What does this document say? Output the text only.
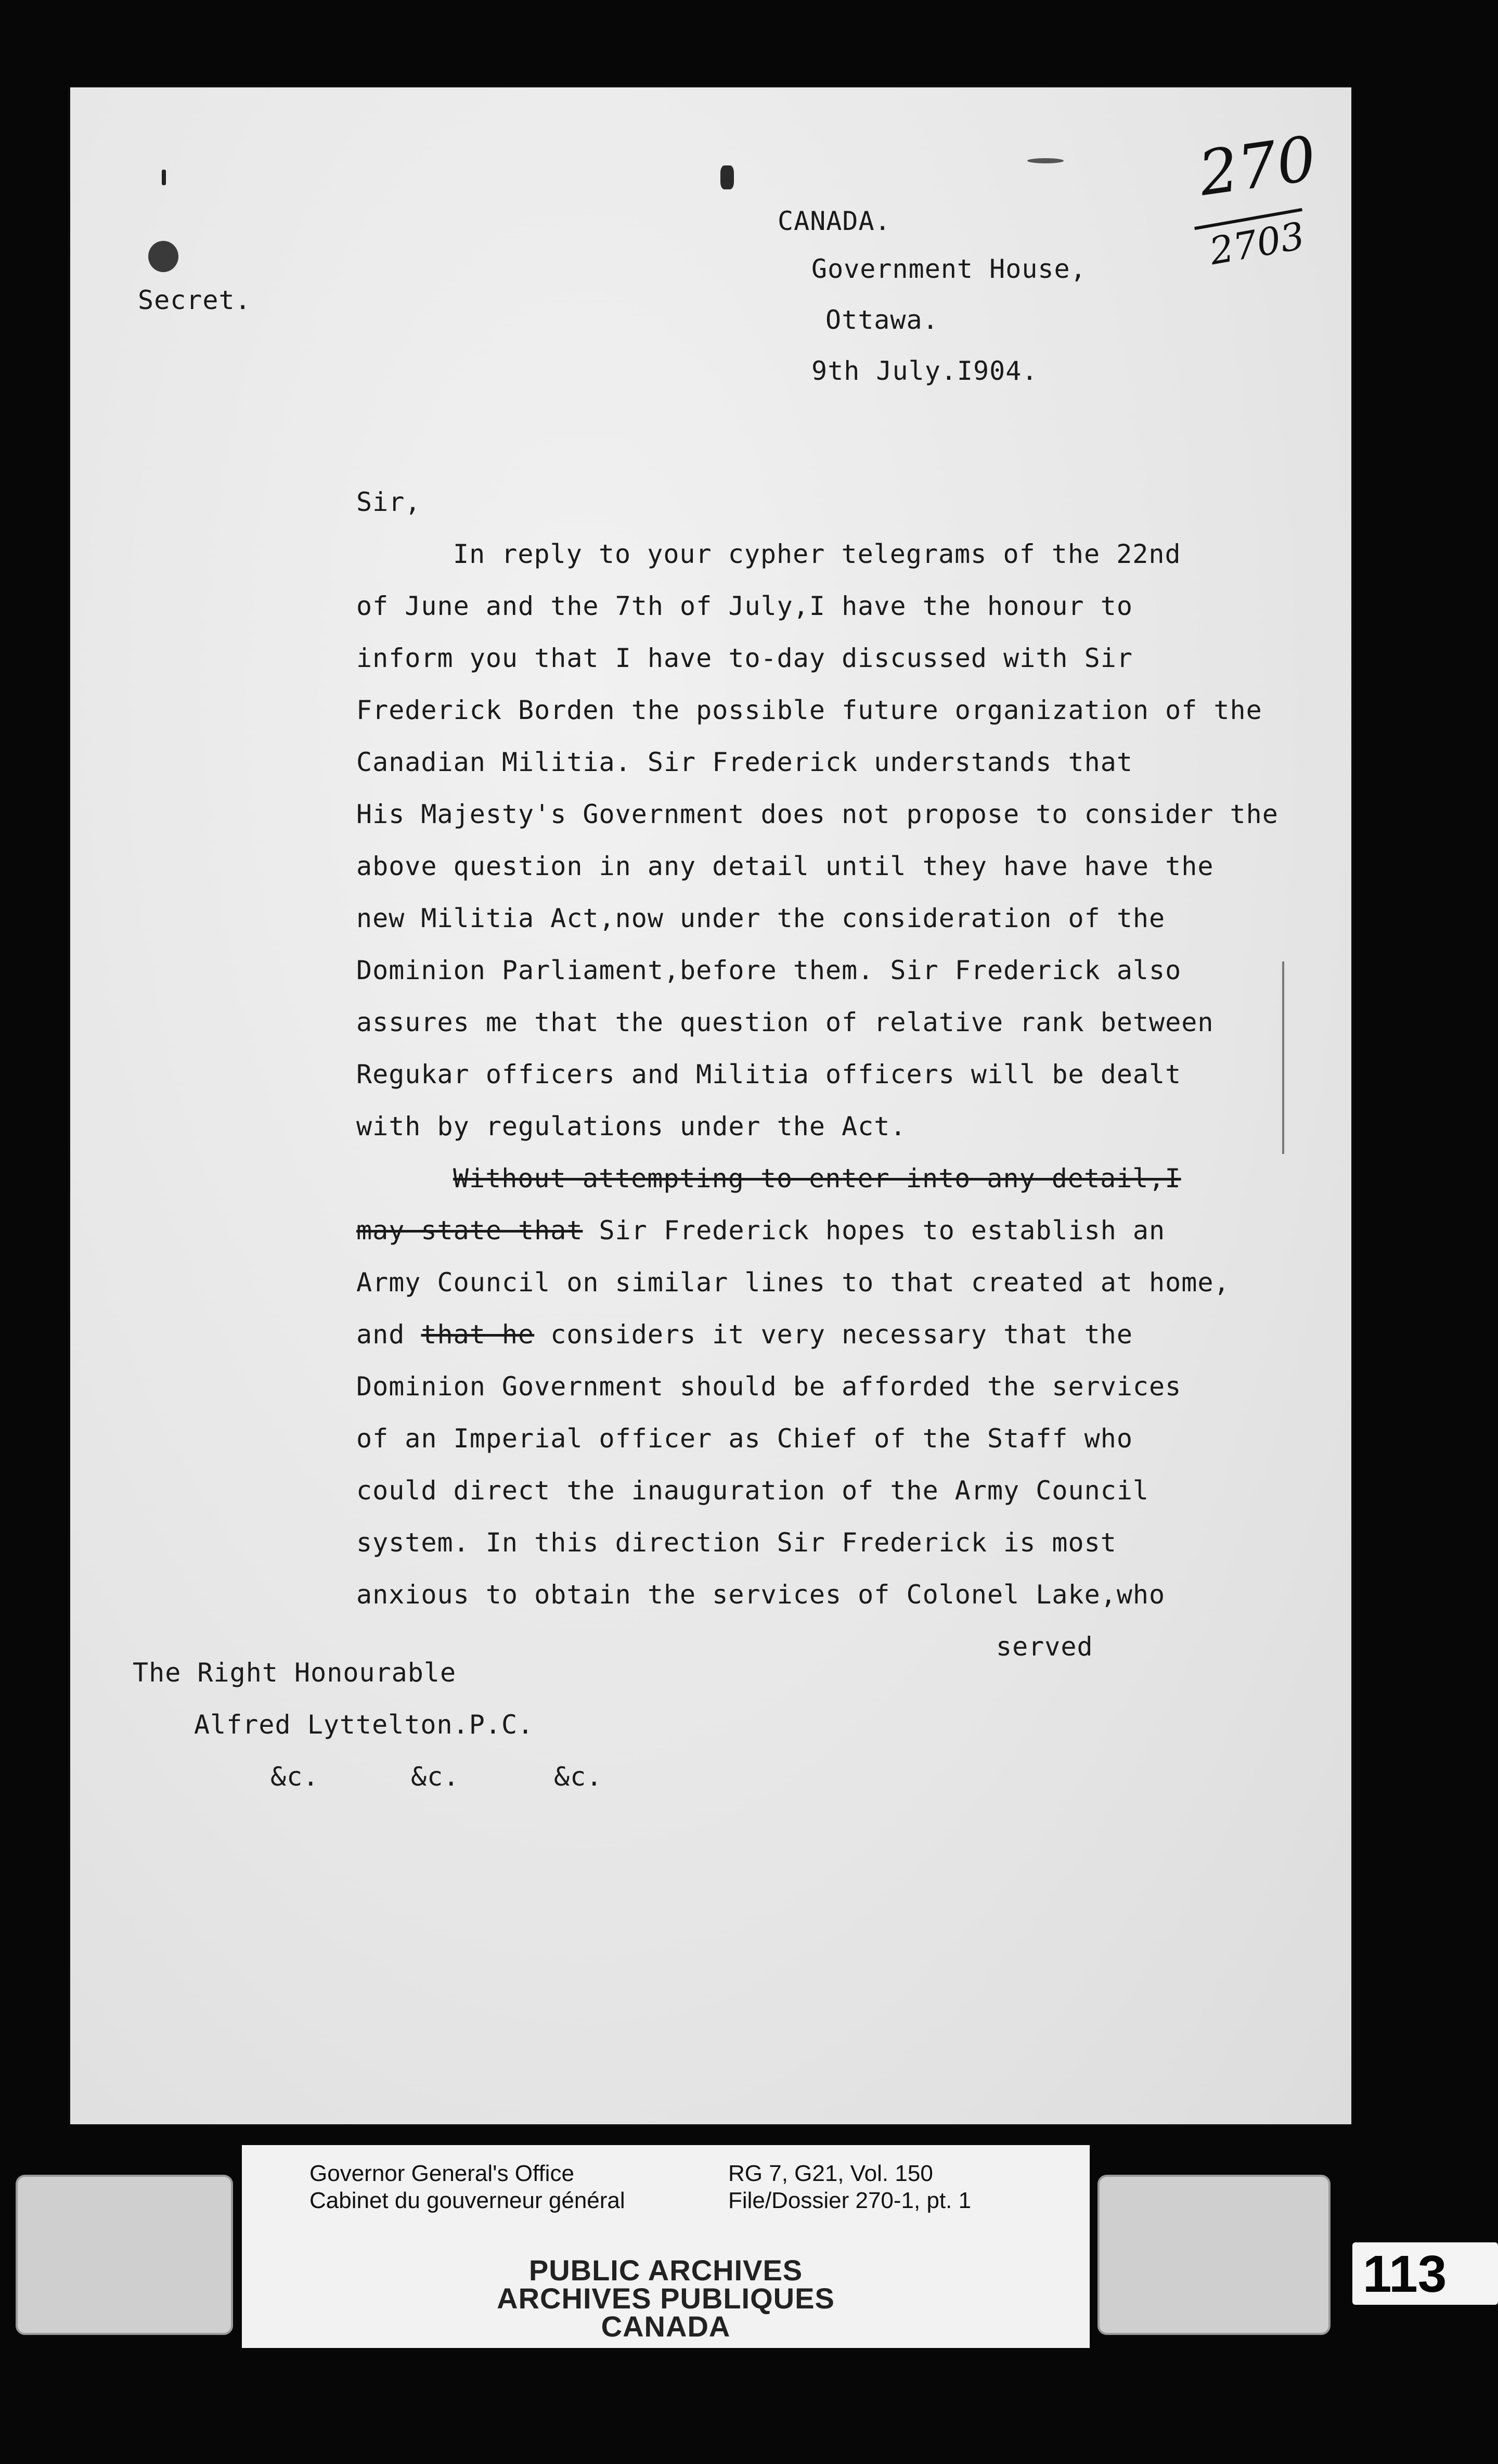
CANADA.
Government House,
Ottawa.
9th July.I904.
Secret.
270
2703
Sir,
In reply to your cypher telegrams of the 22nd
of June and the 7th of July,I have the honour to
inform you that I have to-day discussed with Sir
Frederick Borden the possible future organization of the
Canadian Militia. Sir Frederick understands that
His Majesty's Government does not propose to consider the
above question in any detail until they have have the
new Militia Act,now under the consideration of the
Dominion Parliament,before them. Sir Frederick also
assures me that the question of relative rank between
Regukar officers and Militia officers will be dealt
with by regulations under the Act.
Without attempting to enter into any detail,I
may state that Sir Frederick hopes to establish an
Army Council on similar lines to that created at home,
and that he considers it very necessary that the
Dominion Government should be afforded the services
of an Imperial officer as Chief of the Staff who
could direct the inauguration of the Army Council
system. In this direction Sir Frederick is most
anxious to obtain the services of Colonel Lake,who
served
The Right Honourable
Alfred Lyttelton.P.C.
&c.	&c.	&c.
Governor General's Office
Cabinet du gouverneur général
RG 7, G21, Vol. 150
File/Dossier 270-1, pt. 1
PUBLIC ARCHIVES
ARCHIVES PUBLIQUES
CANADA
113
